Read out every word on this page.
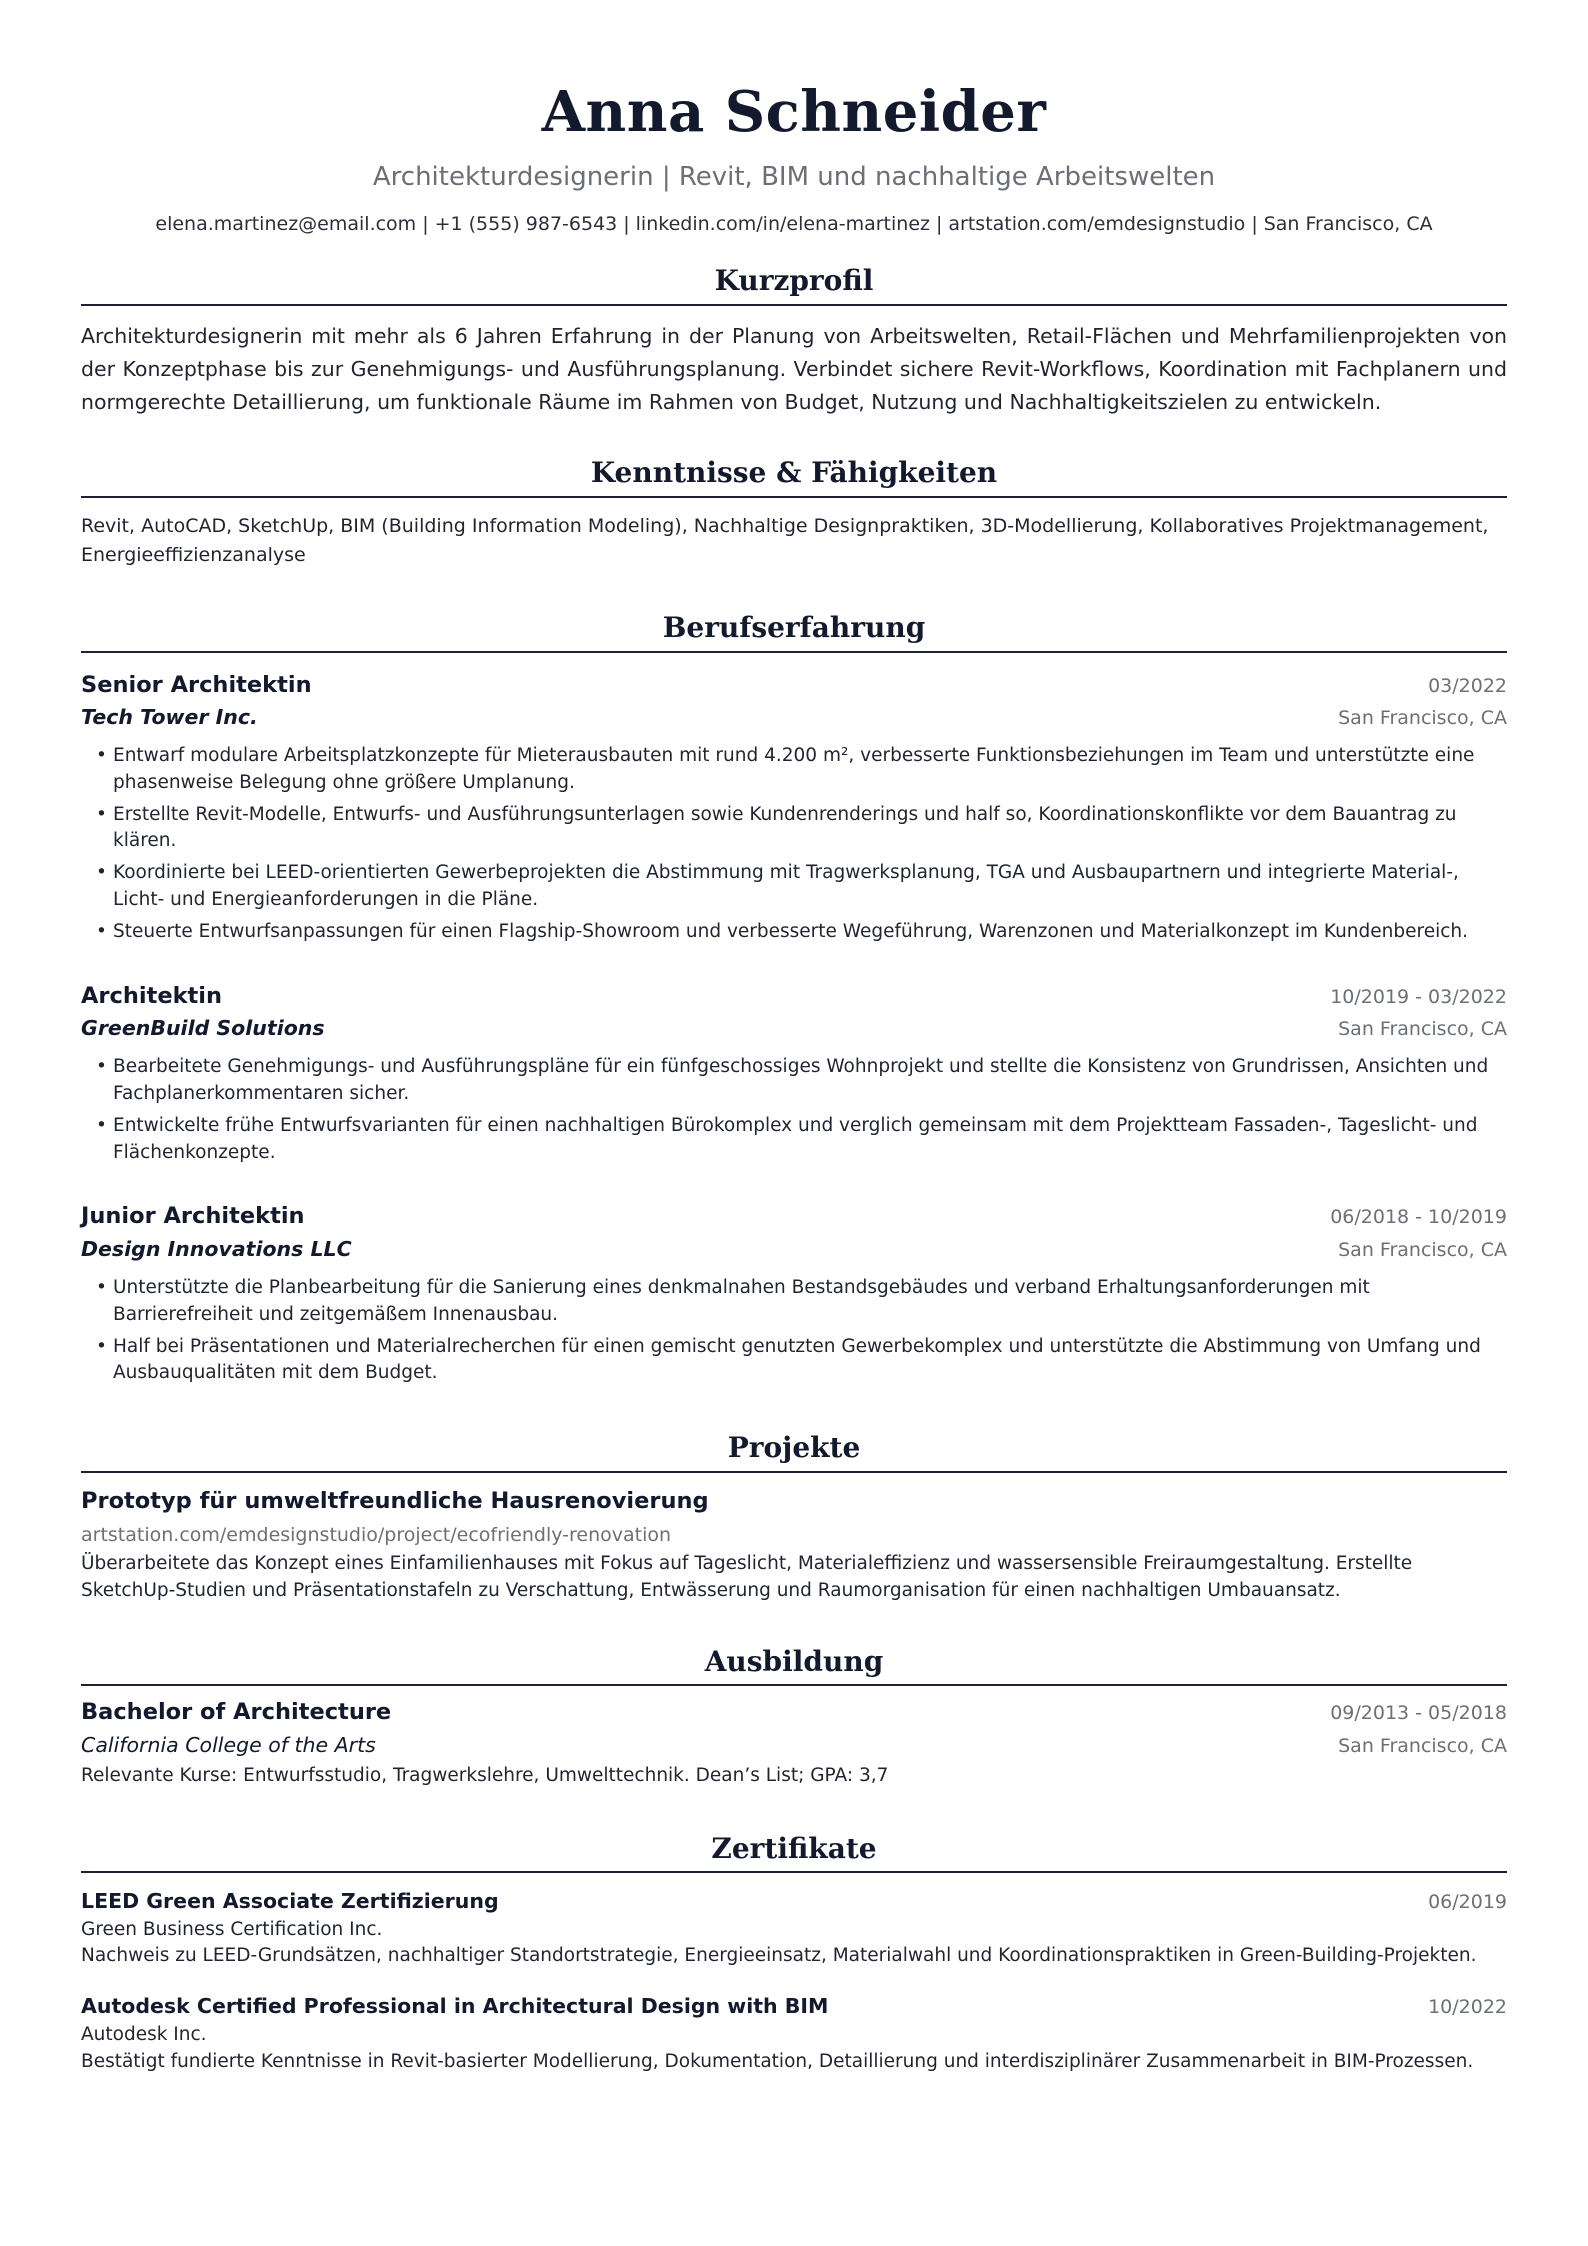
Anna Schneider
Architekturdesignerin | Revit, BIM und nachhaltige Arbeitswelten
elena.martinez@email.com | +1 (555) 987-6543 | linkedin.com/in/elena-martinez | artstation.com/emdesignstudio | San Francisco, CA
Kurzprofil

Architekturdesignerin mit mehr als 6 Jahren Erfahrung in der Planung von Arbeitswelten, Retail-Flächen und Mehrfamilienprojekten von der Konzeptphase bis zur Genehmigungs- und Ausführungsplanung. Verbindet sichere Revit-Workflows, Koordination mit Fachplanern und normgerechte Detaillierung, um funktionale Räume im Rahmen von Budget, Nutzung und Nachhaltigkeitszielen zu entwickeln.

Kenntnisse & Fähigkeiten

Revit, AutoCAD, SketchUp, BIM (Building Information Modeling), Nachhaltige Designpraktiken, 3D-Modellierung, Kollaboratives Projektmanagement, Energieeffizienzanalyse

Berufserfahrung
Senior Architektin	03/2022
Tech Tower Inc.	San Francisco, CA
• Entwarf modulare Arbeitsplatzkonzepte für Mieterausbauten mit rund 4.200 m², verbesserte Funktionsbeziehungen im Team und unterstützte eine phasenweise Belegung ohne größere Umplanung.
• Erstellte Revit-Modelle, Entwurfs- und Ausführungsunterlagen sowie Kundenrenderings und half so, Koordinationskonflikte vor dem Bauantrag zu klären.
• Koordinierte bei LEED-orientierten Gewerbeprojekten die Abstimmung mit Tragwerksplanung, TGA und Ausbaupartnern und integrierte Material-, Licht- und Energieanforderungen in die Pläne.
• Steuerte Entwurfsanpassungen für einen Flagship-Showroom und verbesserte Wegeführung, Warenzonen und Materialkonzept im Kundenbereich.
Architektin	10/2019 - 03/2022
GreenBuild Solutions	San Francisco, CA
• Bearbeitete Genehmigungs- und Ausführungspläne für ein fünfgeschossiges Wohnprojekt und stellte die Konsistenz von Grundrissen, Ansichten und Fachplanerkommentaren sicher.
• Entwickelte frühe Entwurfsvarianten für einen nachhaltigen Bürokomplex und verglich gemeinsam mit dem Projektteam Fassaden-, Tageslicht- und Flächenkonzepte.
Junior Architektin	06/2018 - 10/2019
Design Innovations LLC	San Francisco, CA
• Unterstützte die Planbearbeitung für die Sanierung eines denkmalnahen Bestandsgebäudes und verband Erhaltungsanforderungen mit Barrierefreiheit und zeitgemäßem Innenausbau.
• Half bei Präsentationen und Materialrecherchen für einen gemischt genutzten Gewerbekomplex und unterstützte die Abstimmung von Umfang und Ausbauqualitäten mit dem Budget.
Projekte
Prototyp für umweltfreundliche Hausrenovierung
artstation.com/emdesignstudio/project/ecofriendly-renovation
Überarbeitete das Konzept eines Einfamilienhauses mit Fokus auf Tageslicht, Materialeffizienz und wassersensible Freiraumgestaltung. Erstellte SketchUp-Studien und Präsentationstafeln zu Verschattung, Entwässerung und Raumorganisation für einen nachhaltigen Umbauansatz.
Ausbildung
Bachelor of Architecture	09/2013 - 05/2018
California College of the Arts	San Francisco, CA
Relevante Kurse: Entwurfsstudio, Tragwerkslehre, Umwelttechnik. Dean’s List; GPA: 3,7
Zertifikate
LEED Green Associate Zertifizierung	06/2019
Green Business Certification Inc.
Nachweis zu LEED-Grundsätzen, nachhaltiger Standortstrategie, Energieeinsatz, Materialwahl und Koordinationspraktiken in Green-Building-Projekten.
Autodesk Certified Professional in Architectural Design with BIM	10/2022
Autodesk Inc.
Bestätigt fundierte Kenntnisse in Revit-basierter Modellierung, Dokumentation, Detaillierung und interdisziplinärer Zusammenarbeit in BIM-Prozessen.
